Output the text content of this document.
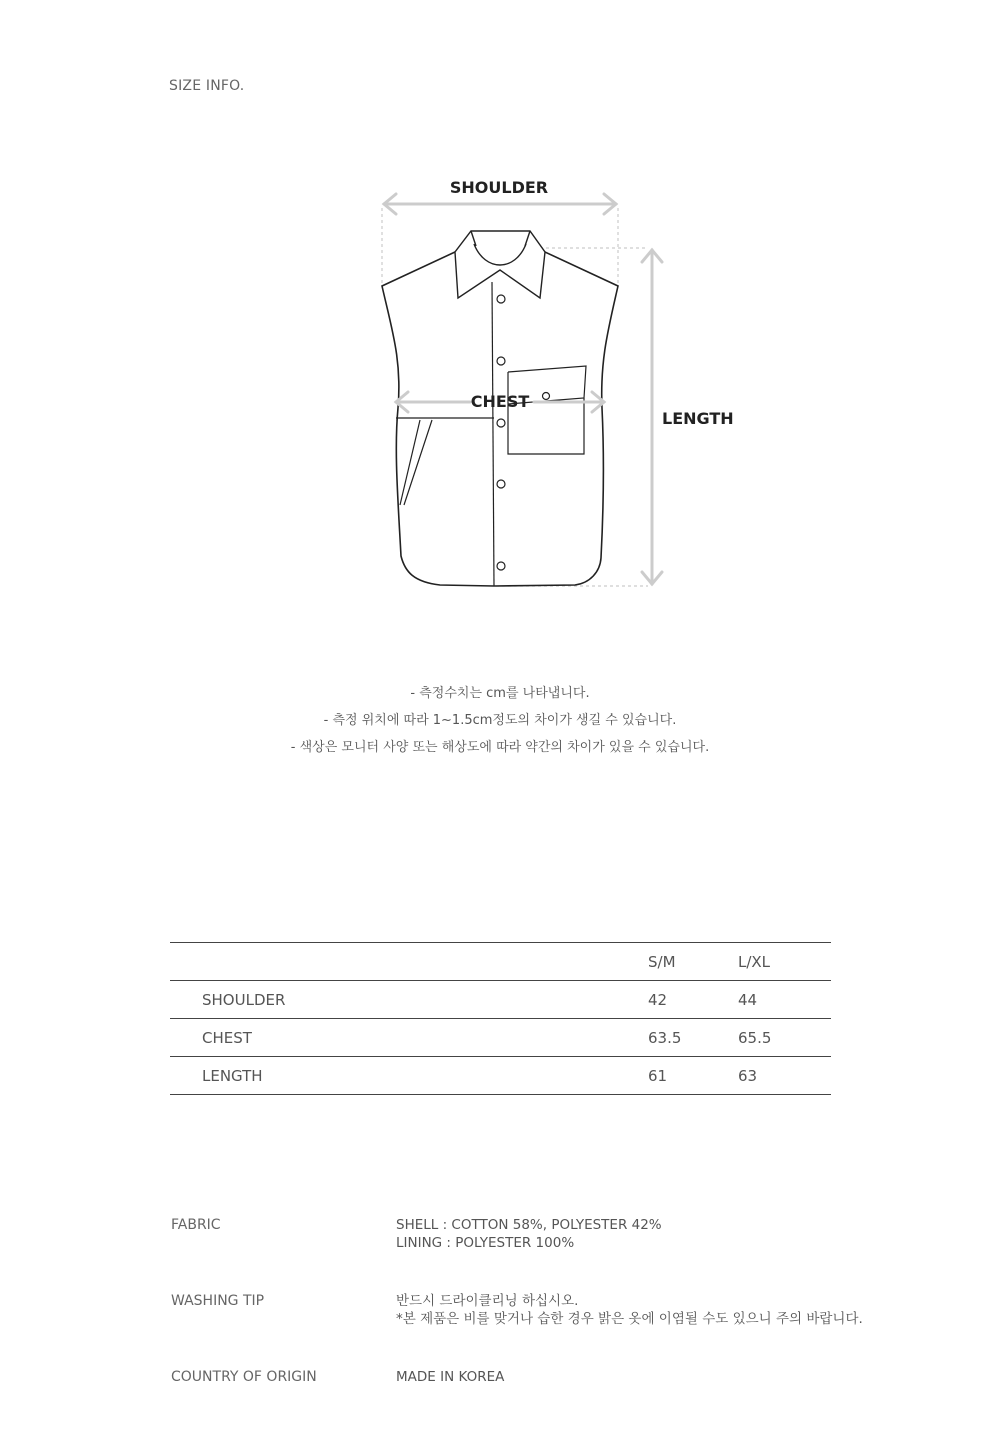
SIZE INFO.
SHOULDER
CHEST
LENGTH
- 측정수치는 cm를 나타냅니다.
- 측정 위치에 따라 1~1.5cm정도의 차이가 생길 수 있습니다.
- 색상은 모니터 사양 또는 해상도에 따라 약간의 차이가 있을 수 있습니다.
	S/M	L/XL
SHOULDER	42	44
CHEST	63.5	65.5
LENGTH	61	63
FABRIC	SHELL : COTTON 58%, POLYESTER 42%
LINING : POLYESTER 100%
WASHING TIP	반드시 드라이클리닝 하십시오.
*본 제품은 비를 맞거나 습한 경우 밝은 옷에 이염될 수도 있으니 주의 바랍니다.
COUNTRY OF ORIGIN	MADE IN KOREA
